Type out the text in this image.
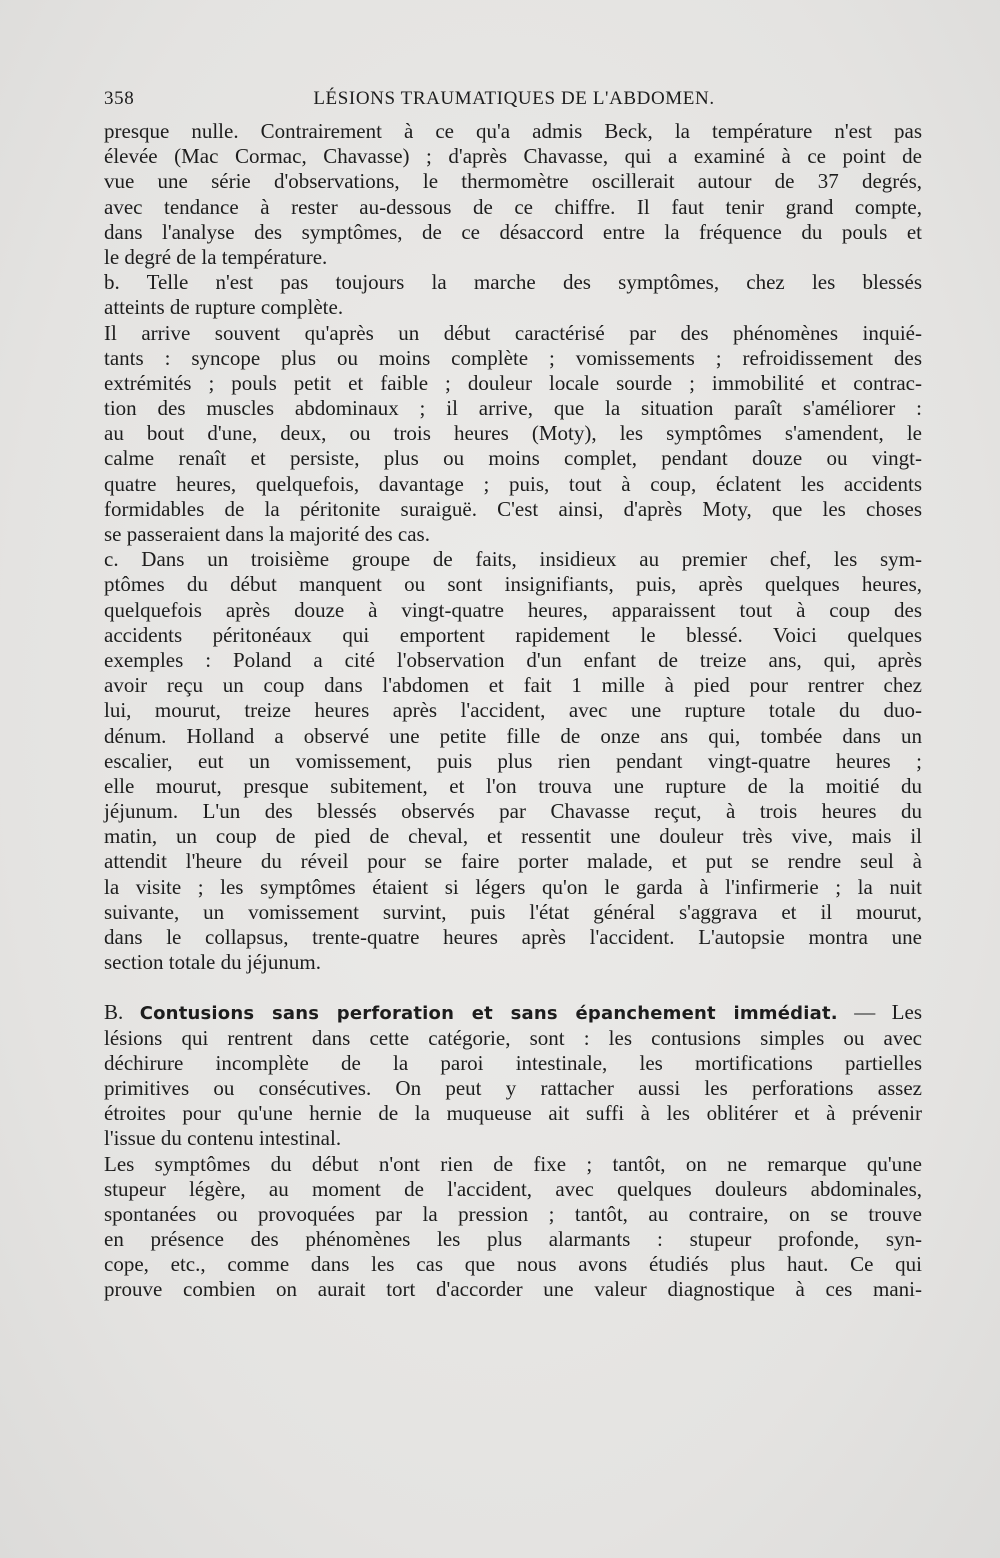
358	LÉSIONS TRAUMATIQUES DE L'ABDOMEN.
presque nulle. Contrairement à ce qu'a admis Beck, la température n'est pas
élevée (Mac Cormac, Chavasse) ; d'après Chavasse, qui a examiné à ce point de
vue une série d'observations, le thermomètre oscillerait autour de 37 degrés,
avec tendance à rester au-dessous de ce chiffre. Il faut tenir grand compte,
dans l'analyse des symptômes, de ce désaccord entre la fréquence du pouls et
le degré de la température.
b. Telle n'est pas toujours la marche des symptômes, chez les blessés
atteints de rupture complète.
Il arrive souvent qu'après un début caractérisé par des phénomènes inquié-
tants : syncope plus ou moins complète ; vomissements ; refroidissement des
extrémités ; pouls petit et faible ; douleur locale sourde ; immobilité et contrac-
tion des muscles abdominaux ; il arrive, que la situation paraît s'améliorer :
au bout d'une, deux, ou trois heures (Moty), les symptômes s'amendent, le
calme renaît et persiste, plus ou moins complet, pendant douze ou vingt-
quatre heures, quelquefois, davantage ; puis, tout à coup, éclatent les accidents
formidables de la péritonite suraiguë. C'est ainsi, d'après Moty, que les choses
se passeraient dans la majorité des cas.
c. Dans un troisième groupe de faits, insidieux au premier chef, les sym-
ptômes du début manquent ou sont insignifiants, puis, après quelques heures,
quelquefois après douze à vingt-quatre heures, apparaissent tout à coup des
accidents péritonéaux qui emportent rapidement le blessé. Voici quelques
exemples : Poland a cité l'observation d'un enfant de treize ans, qui, après
avoir reçu un coup dans l'abdomen et fait 1 mille à pied pour rentrer chez
lui, mourut, treize heures après l'accident, avec une rupture totale du duo-
dénum. Holland a observé une petite fille de onze ans qui, tombée dans un
escalier, eut un vomissement, puis plus rien pendant vingt-quatre heures ;
elle mourut, presque subitement, et l'on trouva une rupture de la moitié du
jéjunum. L'un des blessés observés par Chavasse reçut, à trois heures du
matin, un coup de pied de cheval, et ressentit une douleur très vive, mais il
attendit l'heure du réveil pour se faire porter malade, et put se rendre seul à
la visite ; les symptômes étaient si légers qu'on le garda à l'infirmerie ; la nuit
suivante, un vomissement survint, puis l'état général s'aggrava et il mourut,
dans le collapsus, trente-quatre heures après l'accident. L'autopsie montra une
section totale du jéjunum.
B. Contusions sans perforation et sans épanchement immédiat. — Les
lésions qui rentrent dans cette catégorie, sont : les contusions simples ou avec
déchirure incomplète de la paroi intestinale, les mortifications partielles
primitives ou consécutives. On peut y rattacher aussi les perforations assez
étroites pour qu'une hernie de la muqueuse ait suffi à les oblitérer et à prévenir
l'issue du contenu intestinal.
Les symptômes du début n'ont rien de fixe ; tantôt, on ne remarque qu'une
stupeur légère, au moment de l'accident, avec quelques douleurs abdominales,
spontanées ou provoquées par la pression ; tantôt, au contraire, on se trouve
en présence des phénomènes les plus alarmants : stupeur profonde, syn-
cope, etc., comme dans les cas que nous avons étudiés plus haut. Ce qui
prouve combien on aurait tort d'accorder une valeur diagnostique à ces mani-
